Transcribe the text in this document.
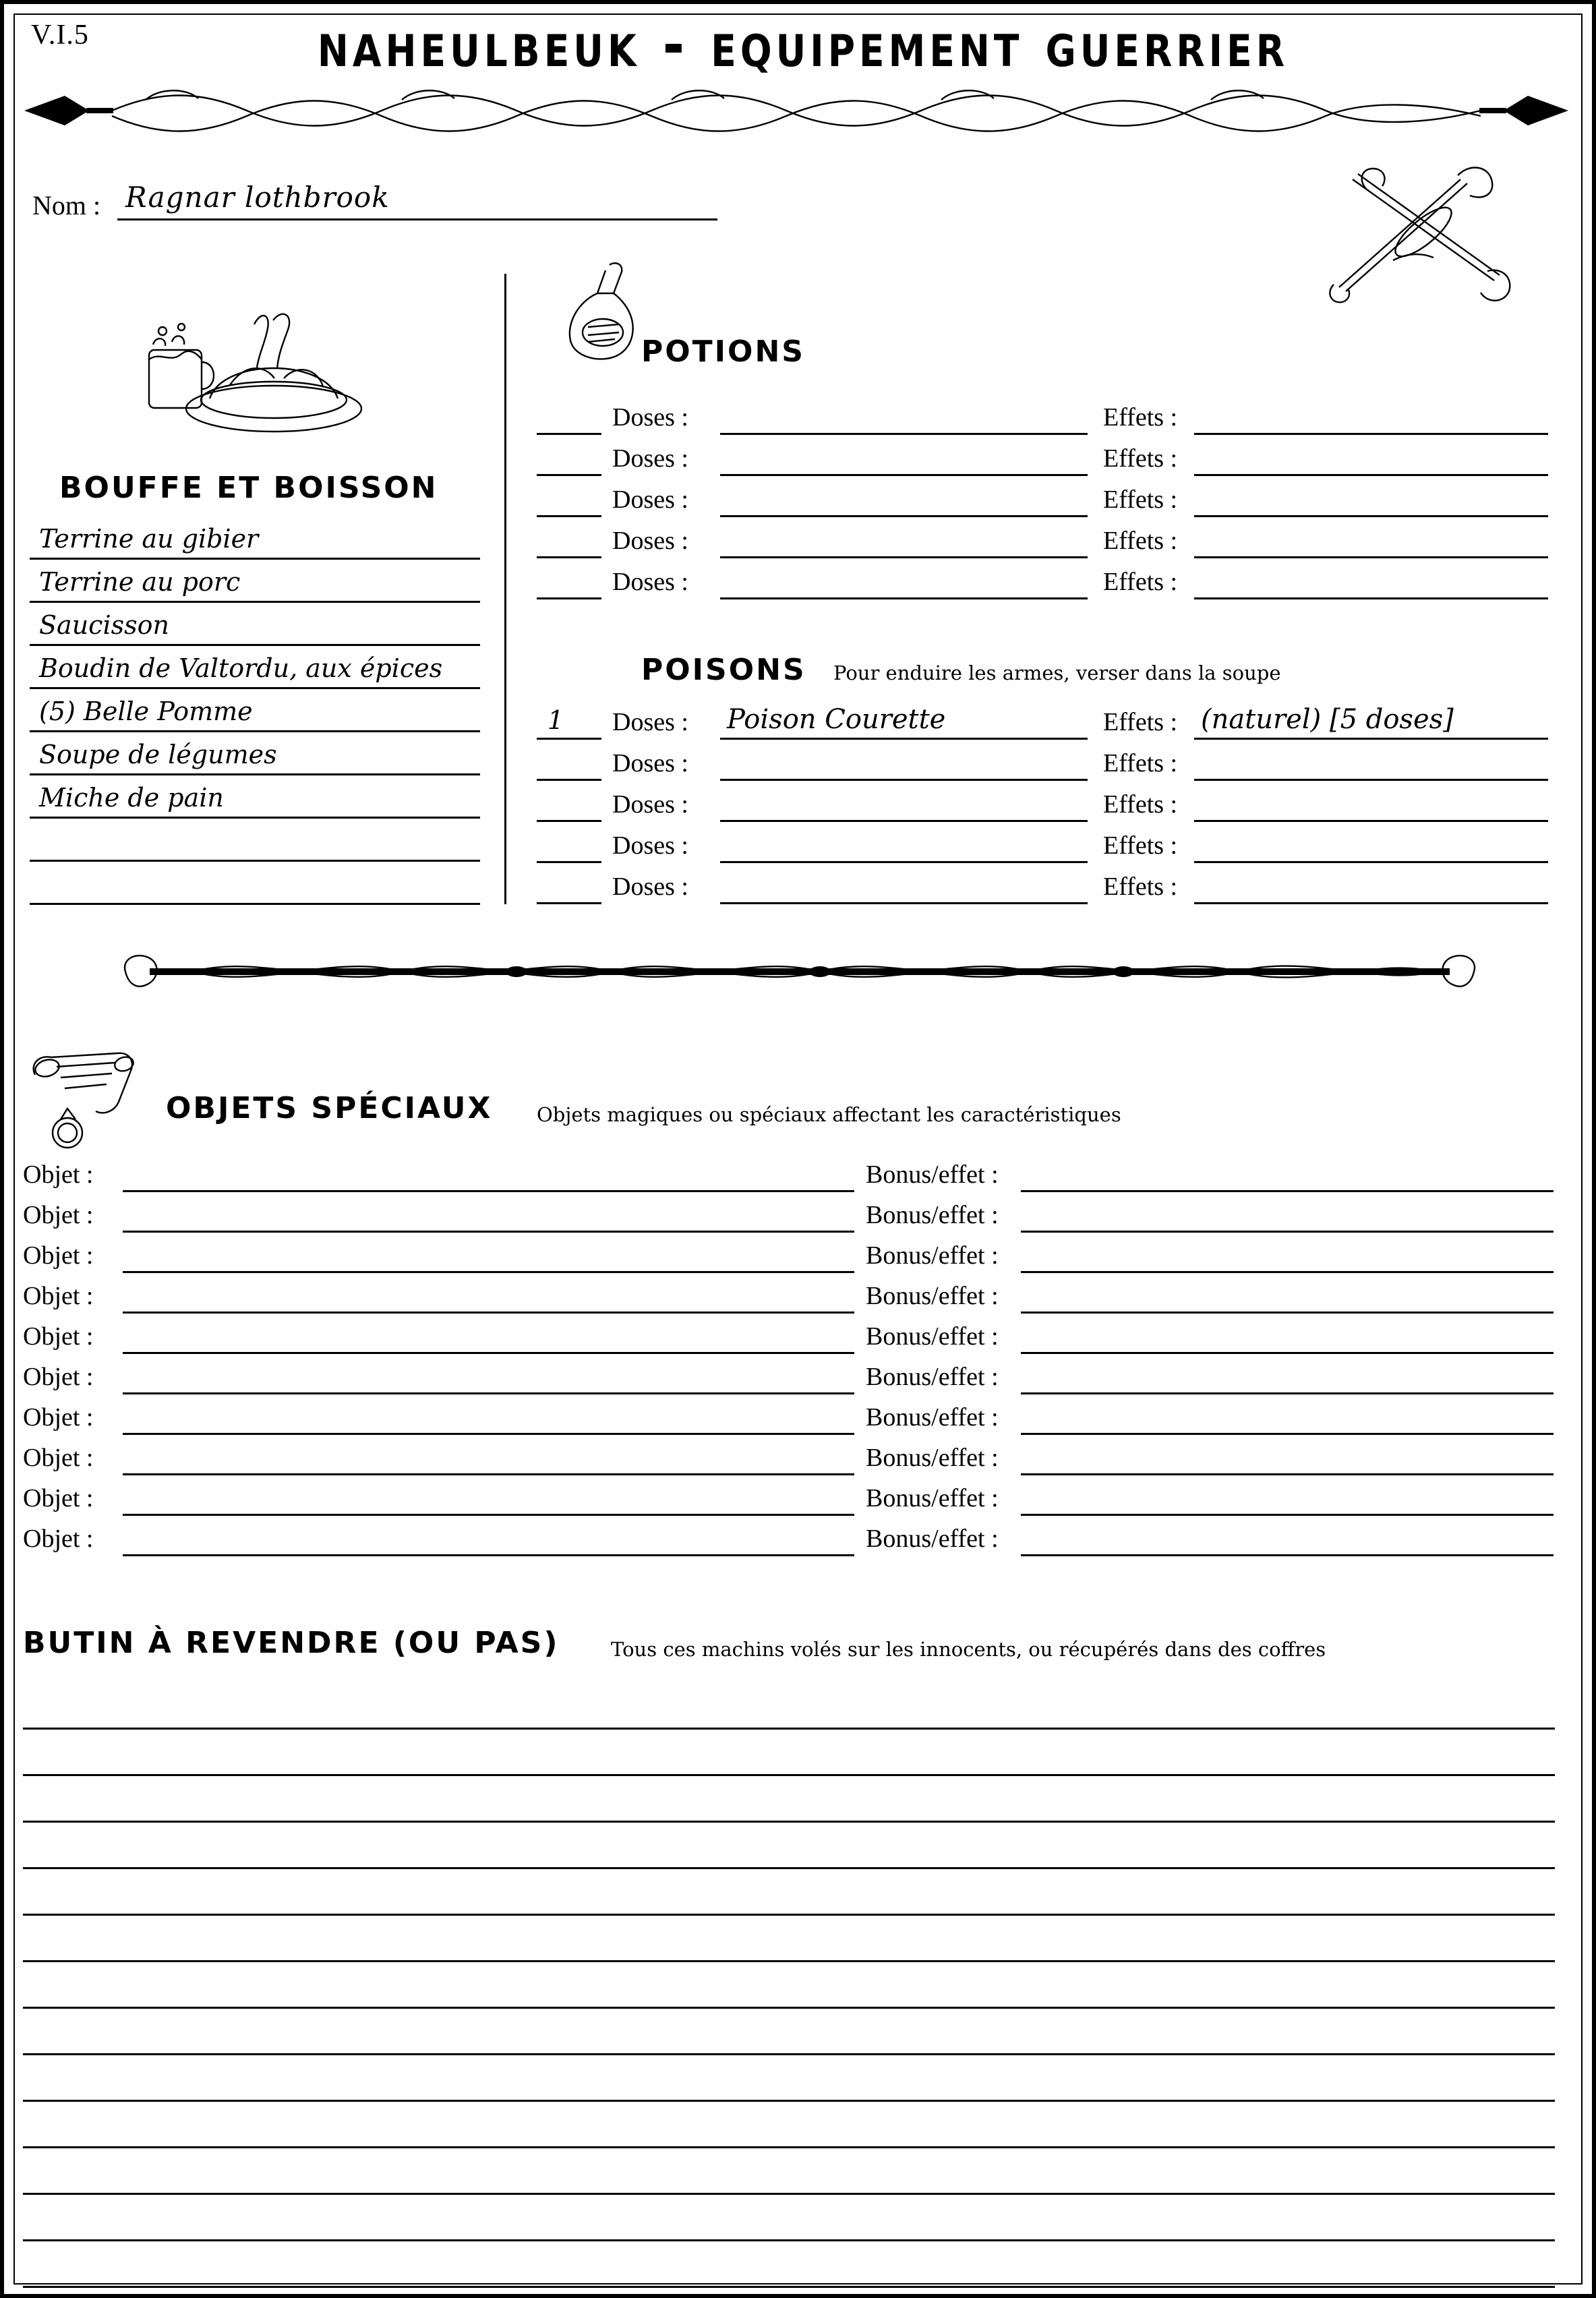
V.I.5	naheulbeuk - equipement guerrier
Nom : Ragnar lothbrook
BOUFFE ET BOISSON
Terrine au gibier
Terrine au porc
Saucisson
Boudin de Valtordu, aux épices
(5) Belle Pomme
Soupe de légumes
Miche de pain
POTIONS
Doses :	Effets :
Doses :	Effets :
Doses :	Effets :
Doses :	Effets :
Doses :	Effets :
POISONS Pour enduire les armes, verser dans la soupe
1 Doses : Poison Courette	Effets : (naturel) [5 doses]
Doses :	Effets :
Doses :	Effets :
Doses :	Effets :
Doses :	Effets :
OBJETS SPÉCIAUX Objets magiques ou spéciaux affectant les caractéristiques
Objet :	Bonus/effet :
Objet :	Bonus/effet :
Objet :	Bonus/effet :
Objet :	Bonus/effet :
Objet :	Bonus/effet :
Objet :	Bonus/effet :
Objet :	Bonus/effet :
Objet :	Bonus/effet :
Objet :	Bonus/effet :
Objet :	Bonus/effet :
BUTIN À REVENDRE (OU PAS)	Tous ces machins volés sur les innocents, ou récupérés dans des coffres
